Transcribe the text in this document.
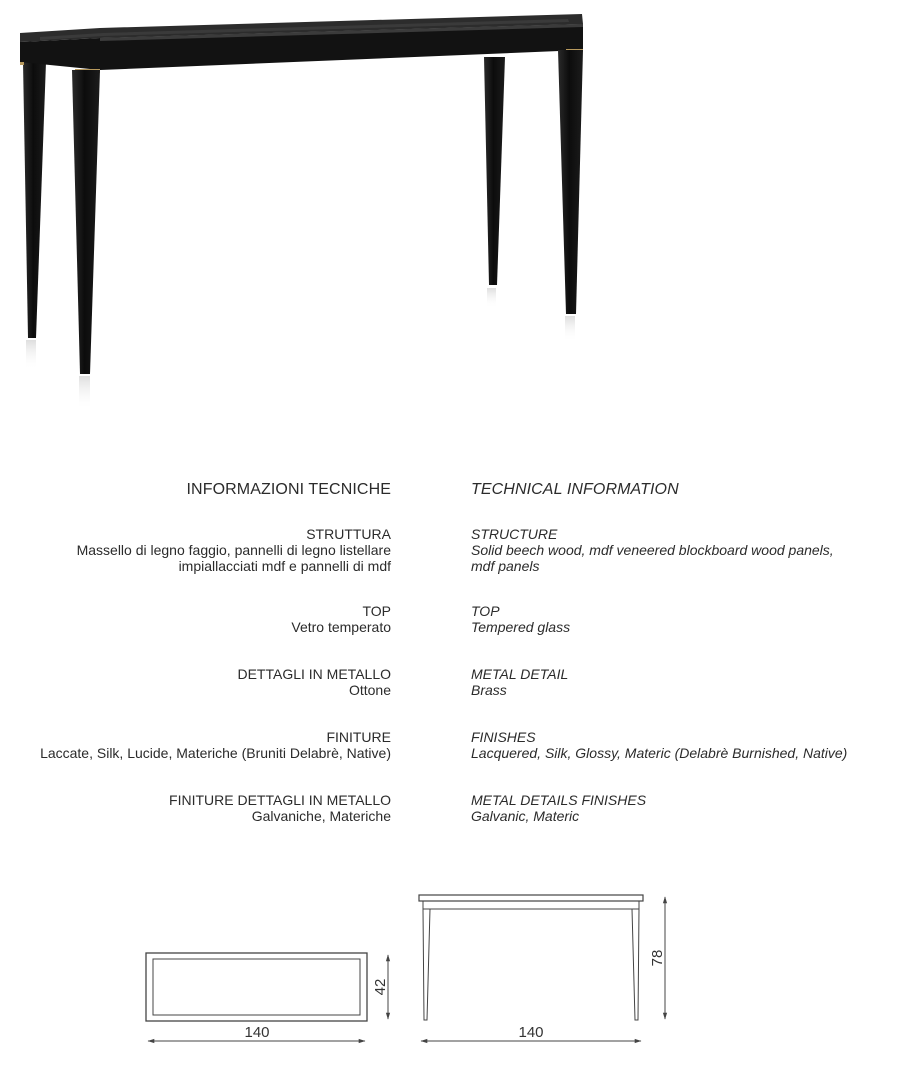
INFORMAZIONI TECNICHE	TECHNICAL INFORMATION
STRUTTURA
Massello di legno faggio, pannelli di legno listellare
impiallacciati mdf e pannelli di mdf
TOP
Vetro temperato
DETTAGLI IN METALLO
Ottone
FINITURE
Laccate, Silk, Lucide, Materiche (Bruniti Delabrè, Native)
FINITURE DETTAGLI IN METALLO
Galvaniche, Materiche
STRUCTURE
Solid beech wood, mdf veneered blockboard wood panels,
mdf panels
TOP
Tempered glass
METAL DETAIL
Brass
FINISHES
Lacquered, Silk, Glossy, Materic (Delabrè Burnished, Native)
METAL DETAILS FINISHES
Galvanic, Materic
42
140
78
140
